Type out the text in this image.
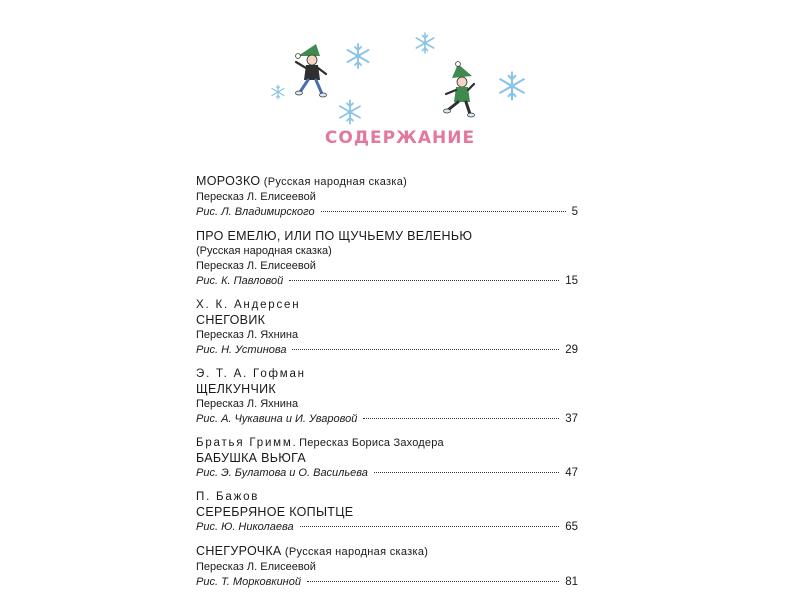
СОДЕРЖАНИЕ
МОРОЗКО (Русская народная сказка)
Пересказ Л. Елисеевой
Рис. Л. Владимирского	5
ПРО ЕМЕЛЮ, ИЛИ ПО ЩУЧЬЕМУ ВЕЛЕНЬЮ
(Русская народная сказка)
Пересказ Л. Елисеевой
Рис. К. Павловой	15
Х. К. Андерсен
СНЕГОВИК
Пересказ Л. Яхнина
Рис. Н. Устинова	29
Э. Т. А. Гофман
ЩЕЛКУНЧИК
Пересказ Л. Яхнина
Рис. А. Чукавина и И. Уваровой	37
Братья Гримм. Пересказ Бориса Заходера
БАБУШКА ВЬЮГА
Рис. Э. Булатова и О. Васильева	47
П. Бажов
СЕРЕБРЯНОЕ КОПЫТЦЕ
Рис. Ю. Николаева	65
СНЕГУРОЧКА (Русская народная сказка)
Пересказ Л. Елисеевой
Рис. Т. Морковкиной	81
